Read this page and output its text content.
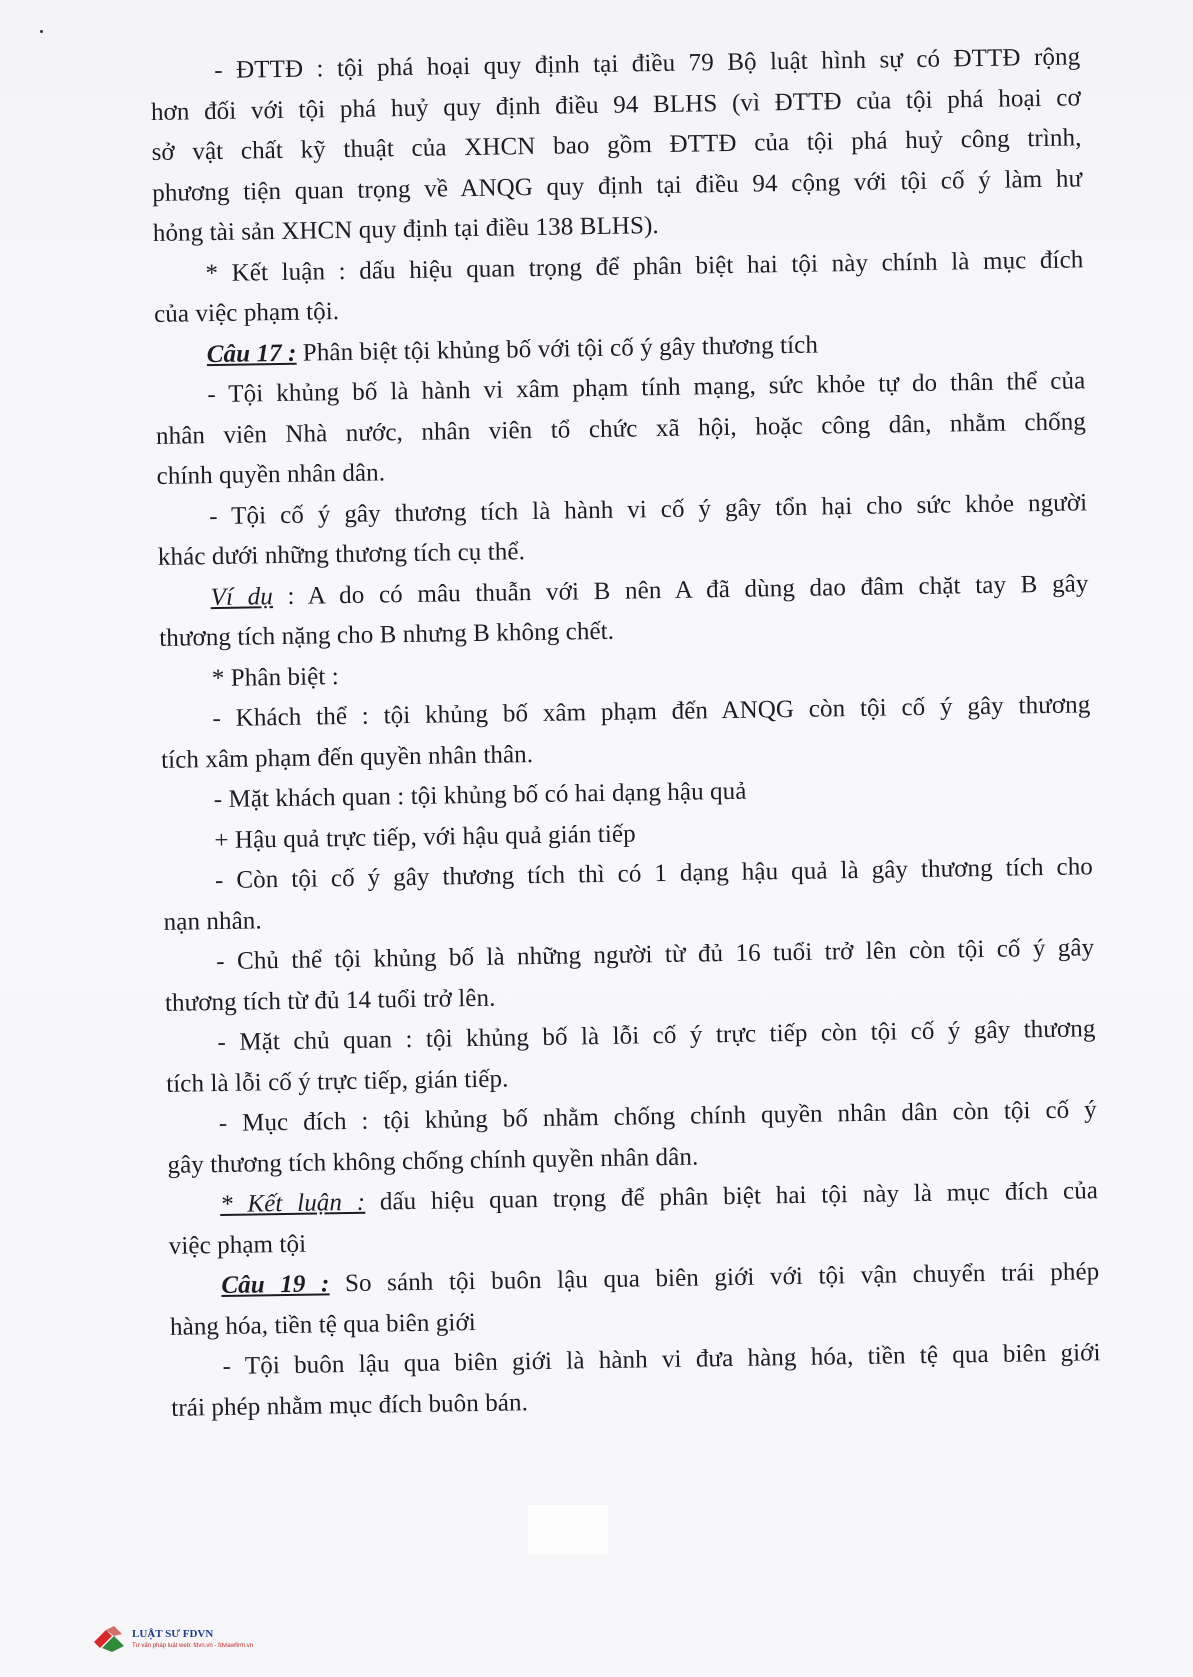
- ĐTTĐ : tội phá hoại quy định tại điều 79 Bộ luật hình sự có ĐTTĐ rộng
hơn đối với tội phá huỷ quy định điều 94 BLHS (vì ĐTTĐ của tội phá hoại cơ
sở vật chất kỹ thuật của XHCN bao gồm ĐTTĐ của tội phá huỷ công trình,
phương tiện quan trọng về ANQG quy định tại điều 94 cộng với tội cố ý làm hư
hỏng tài sản XHCN quy định tại điều 138 BLHS).
* Kết luận : dấu hiệu quan trọng để phân biệt hai tội này chính là mục đích
của việc phạm tội.
Câu 17 : Phân biệt tội khủng bố với tội cố ý gây thương tích
- Tội khủng bố là hành vi xâm phạm tính mạng, sức khỏe tự do thân thể của
nhân viên Nhà nước, nhân viên tổ chức xã hội, hoặc công dân, nhằm chống
chính quyền nhân dân.
- Tội cố ý gây thương tích là hành vi cố ý gây tổn hại cho sức khỏe người
khác dưới những thương tích cụ thể.
Ví dụ : A do có mâu thuẫn với B nên A đã dùng dao đâm chặt tay B gây
thương tích nặng cho B nhưng B không chết.
* Phân biệt :
- Khách thể : tội khủng bố xâm phạm đến ANQG còn tội cố ý gây thương
tích xâm phạm đến quyền nhân thân.
- Mặt khách quan : tội khủng bố có hai dạng hậu quả
+ Hậu quả trực tiếp, với hậu quả gián tiếp
- Còn tội cố ý gây thương tích thì có 1 dạng hậu quả là gây thương tích cho
nạn nhân.
- Chủ thể tội khủng bố là những người từ đủ 16 tuổi trở lên còn tội cố ý gây
thương tích từ đủ 14 tuổi trở lên.
- Mặt chủ quan : tội khủng bố là lỗi cố ý trực tiếp còn tội cố ý gây thương
tích là lỗi cố ý trực tiếp, gián tiếp.
- Mục đích : tội khủng bố nhằm chống chính quyền nhân dân còn tội cố ý
gây thương tích không chống chính quyền nhân dân.
* Kết luận : dấu hiệu quan trọng để phân biệt hai tội này là mục đích của
việc phạm tội
Câu 19 : So sánh tội buôn lậu qua biên giới với tội vận chuyển trái phép
hàng hóa, tiền tệ qua biên giới
- Tội buôn lậu qua biên giới là hành vi đưa hàng hóa, tiền tệ qua biên giới
trái phép nhằm mục đích buôn bán.
LUẬT SƯ FDVN
Tư vấn pháp luật web: fdvn.vn - fdvlawfirm.vn
